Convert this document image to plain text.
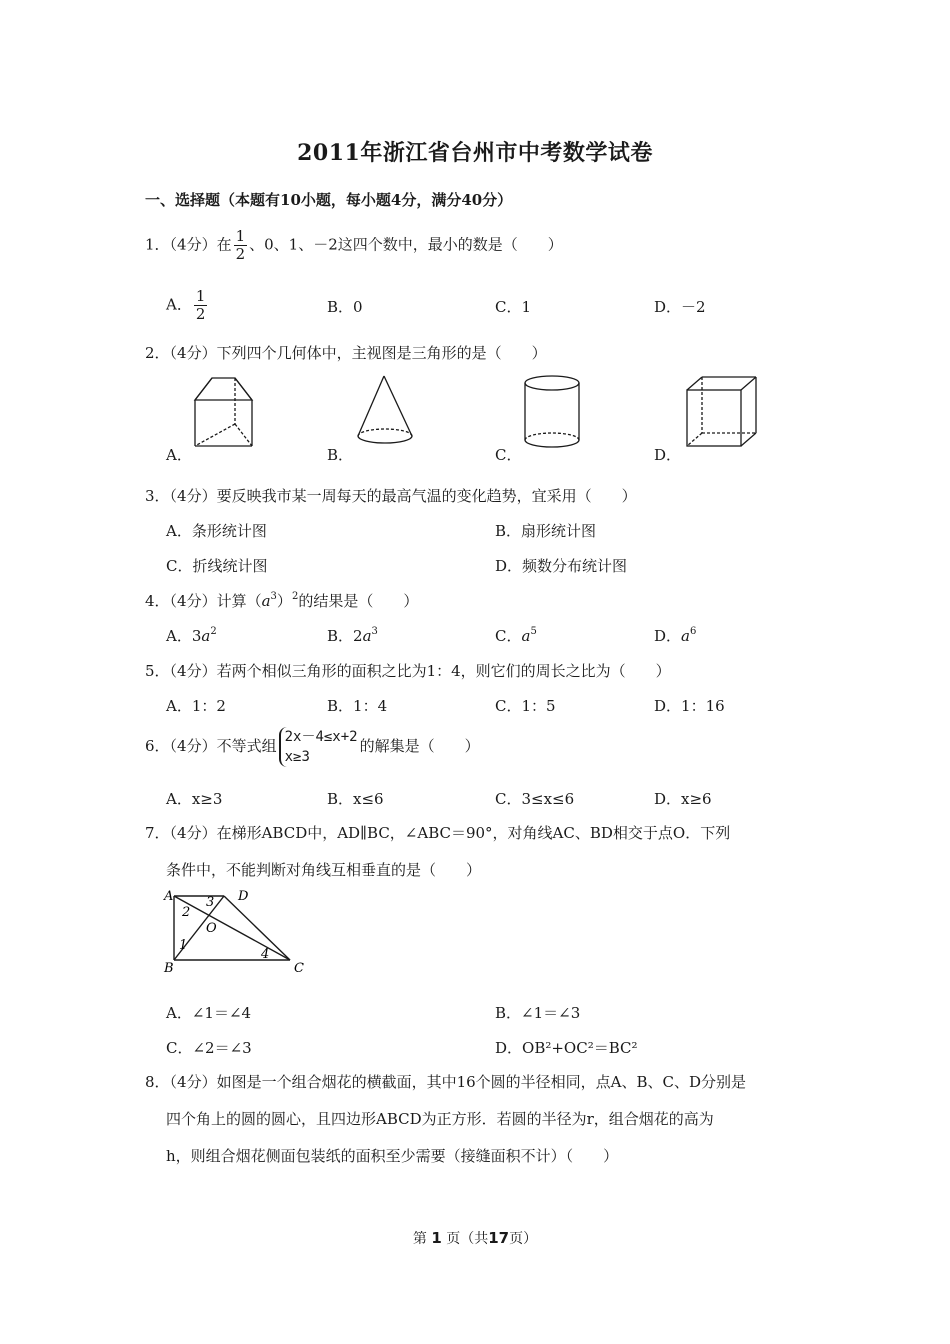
2011年浙江省台州市中考数学试卷
一、选择题（本题有10小题，每小题4分，满分40分）
1．（4分）在 $\frac{1}{2}$ 、0、1、－2这四个数中，最小的数是（　　）
A． $\frac{1}{2}$	B．0	C．1	D．－2
2．（4分）下列四个几何体中，主视图是三角形的是（　　）
A．	B．	C．	D．
3．（4分）要反映我市某一周每天的最高气温的变化趋势，宜采用（　　）
A．条形统计图	B．扇形统计图
C．折线统计图	D．频数分布统计图
4．（4分）计算$(a^3)^2$的结果是（　　）
A．$3a^2$	B．$2a^3$	C．$a^5$	D．$a^6$
5．（4分）若两个相似三角形的面积之比为1：4，则它们的周长之比为（　　）
A．1：2	B．1：4	C．1：5	D．1：16
6．（4分）不等式组 2x－4≤x+2
x≥3
的解集是（　　）
A．x≥3	B．x≤6	C．3≤x≤6	D．x≥6
7．（4分）在梯形ABCD中，AD∥BC，∠ABC＝90°，对角线AC、BD相交于点O．下列
条件中，不能判断对角线互相垂直的是（　　）
A
B	C
D
O
1
2
3
4
A．∠1＝∠4	B．∠1＝∠3
C．∠2＝∠3	D．OB²+OC²＝BC²
8．（4分）如图是一个组合烟花的横截面，其中16个圆的半径相同，点A、B、C、D分别是
四个角上的圆的圆心，且四边形ABCD为正方形．若圆的半径为r，组合烟花的高为
h，则组合烟花侧面包装纸的面积至少需要（接缝面积不计）（　　）
第 1 页（共17页）
